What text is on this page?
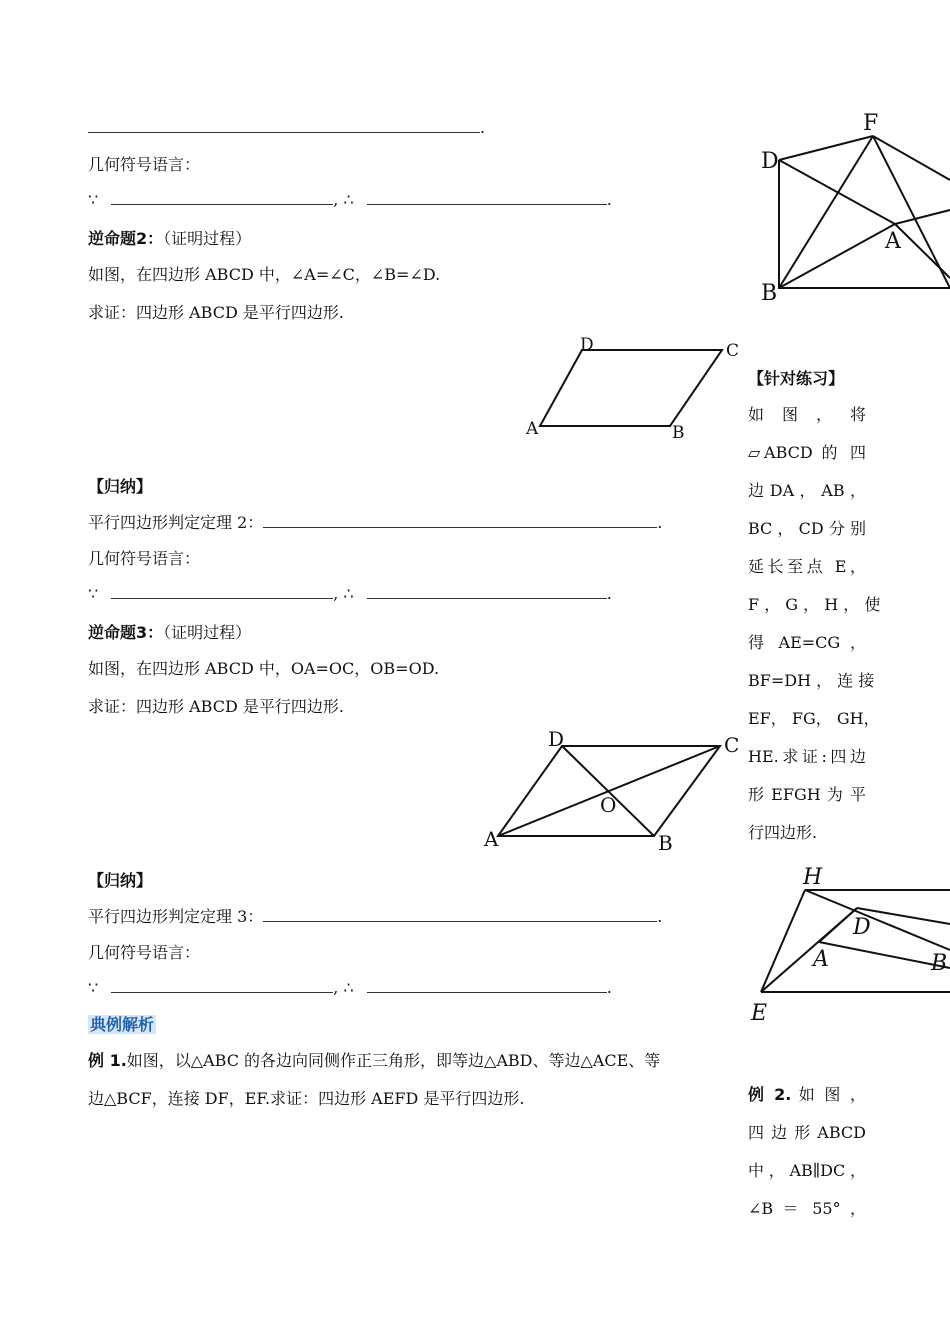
.
几何符号语言：
∵	, ∴	.
逆命题2：（证明过程）
如图，在四边形 ABCD 中，∠A=∠C，∠B=∠D.
求证：四边形 ABCD 是平行四边形.
D	C
A	B
【归纳】
平行四边形判定定理 2：	.
几何符号语言：
∵	, ∴	.
逆命题3：（证明过程）
如图，在四边形 ABCD 中，OA=OC，OB=OD.
求证：四边形 ABCD 是平行四边形.
D	C
O
A	B
【归纳】
平行四边形判定定理 3：	.
几何符号语言：
∵	, ∴	.
典例解析
例 1.如图，以△ABC 的各边向同侧作正三角形，即等边△ABD、等边△ACE、等
边△BCF，连接 DF，EF.求证：四边形 AEFD 是平行四边形.
F
D
A
B
【针对练习】
如 图 ， 将
▱ABCD 的 四
边 DA ， AB ，
BC ， CD 分 别
延长至点 E，
F ， G ， H ， 使
得 AE=CG ，
BF=DH ， 连 接
EF， FG， GH，
HE.求证:四边
形 EFGH 为 平
行四边形.
H
D
A	B
E
例 2. 如 图 ，
四 边 形 ABCD
中，AB∥DC，
∠B ＝ 55° ，
